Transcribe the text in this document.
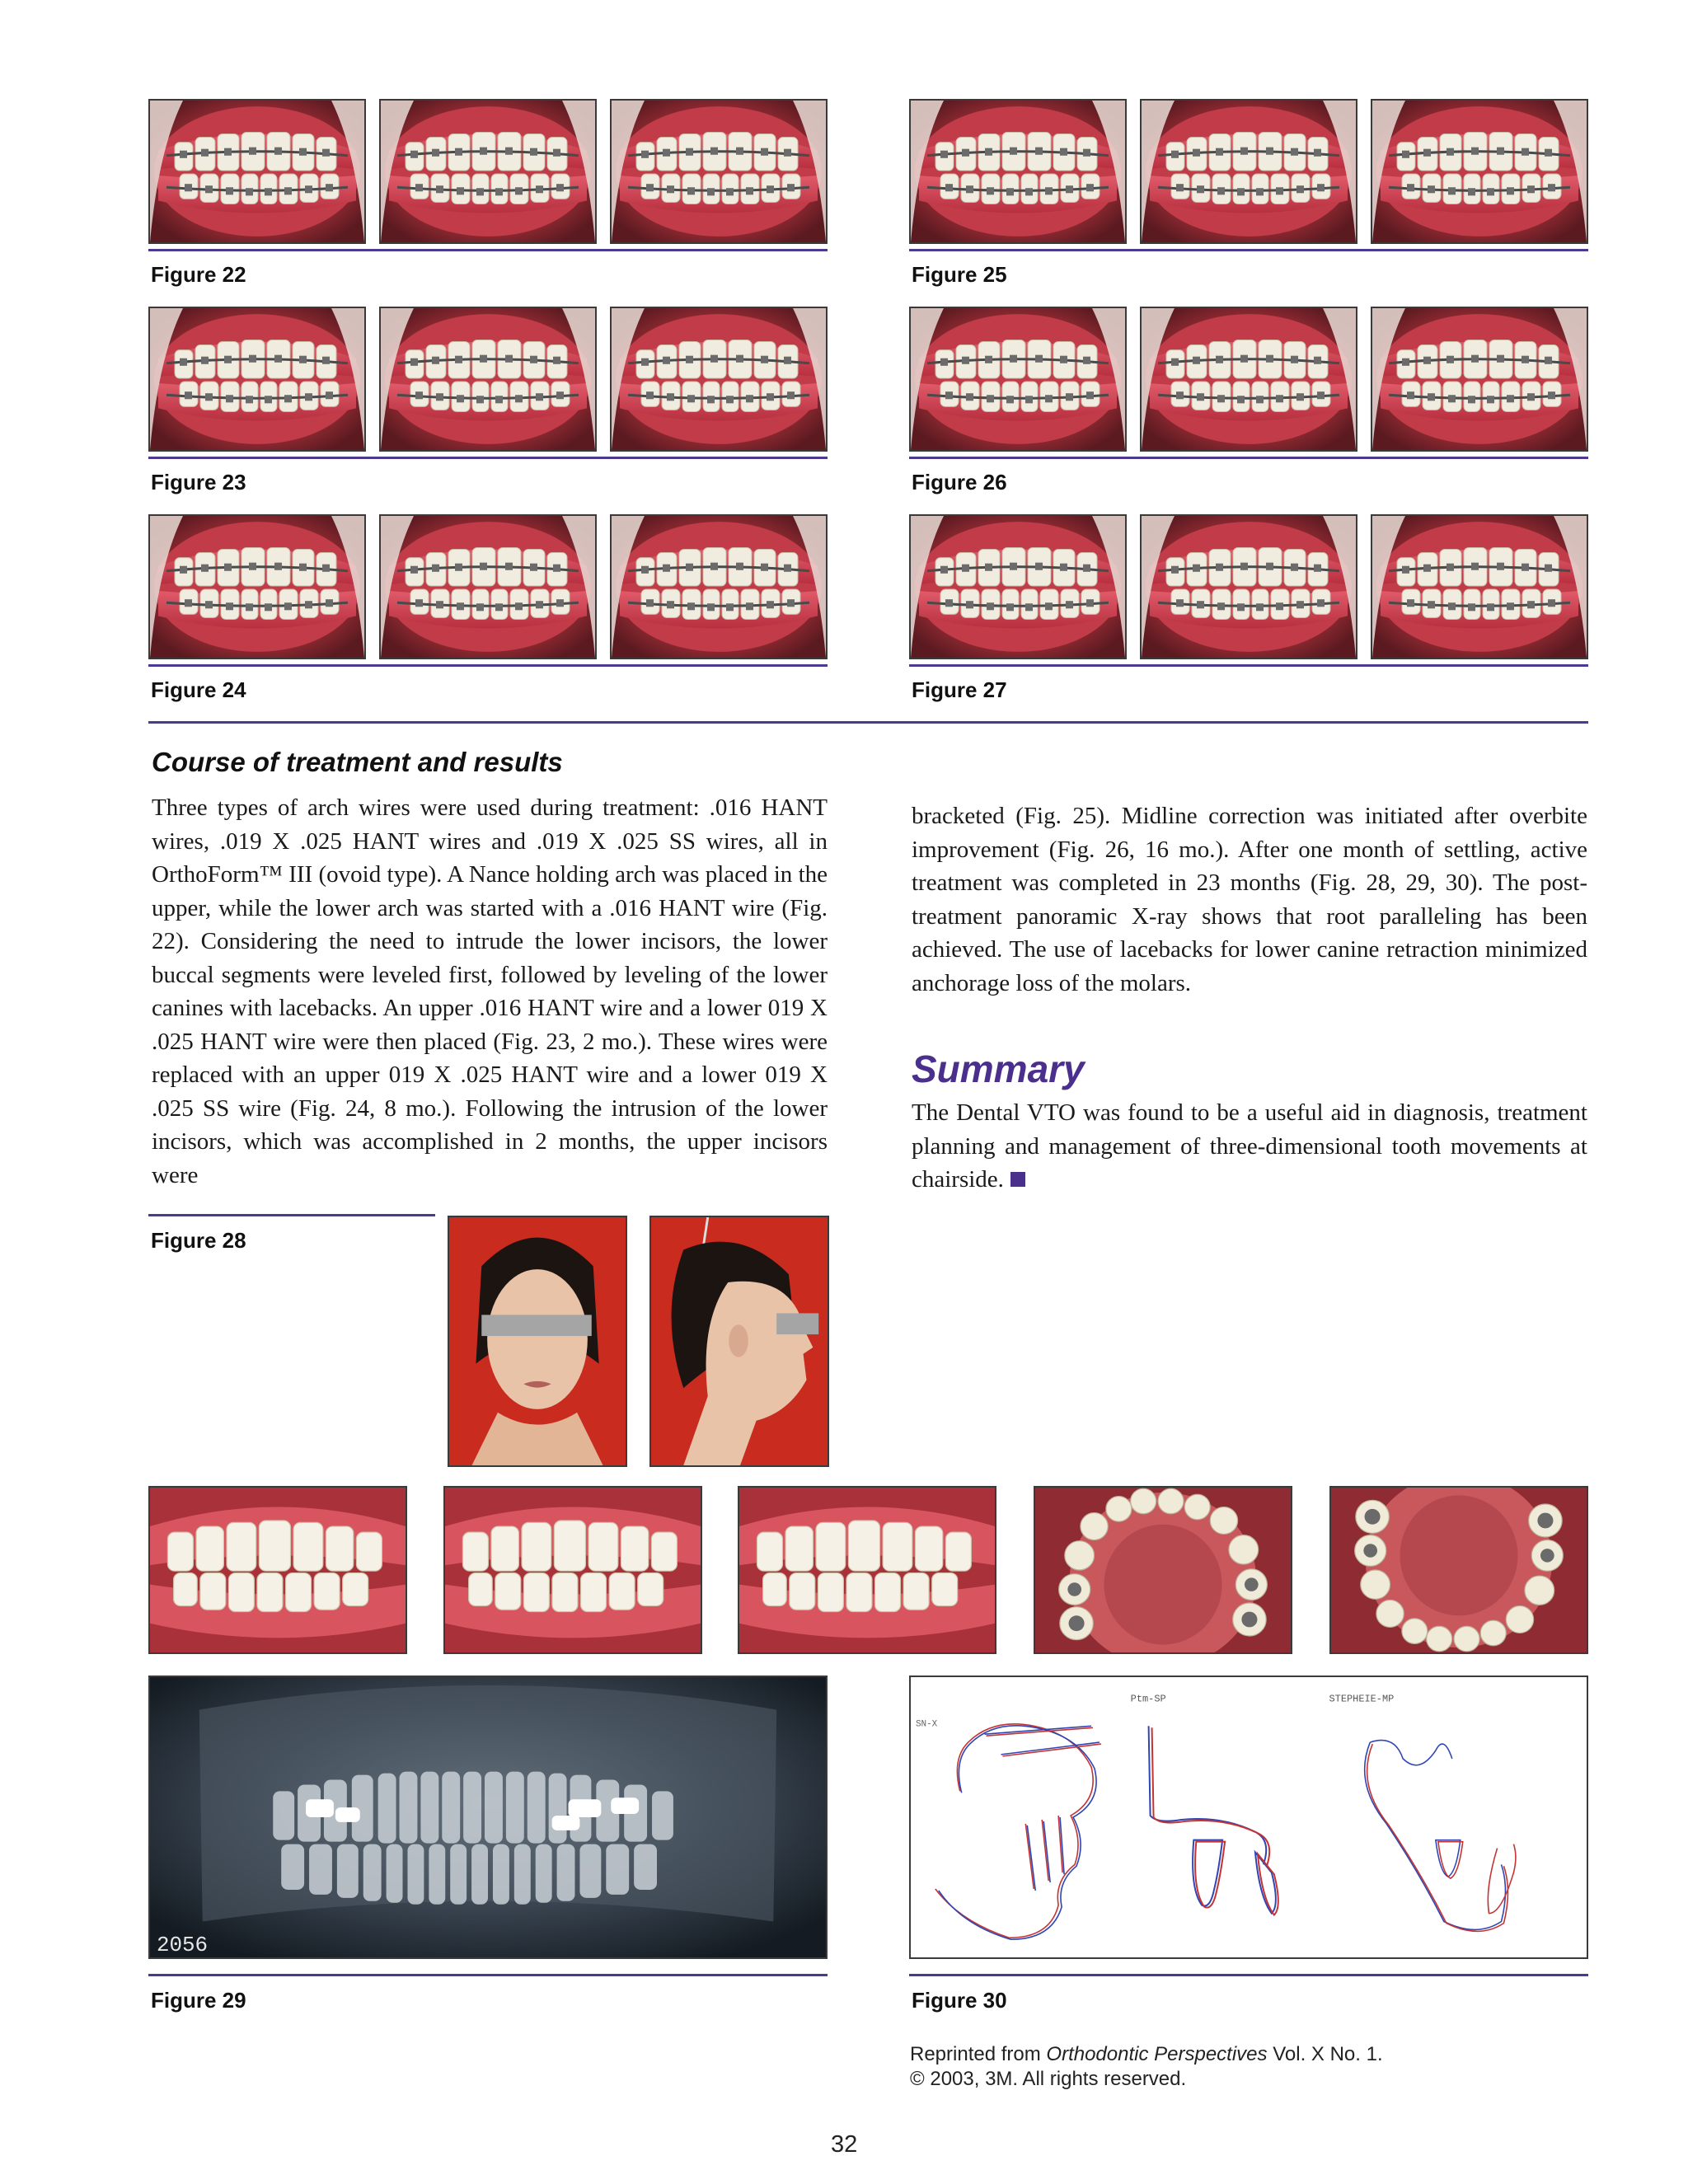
Figure 22	Figure 25
Figure 23	Figure 26
Figure 24	Figure 27
Course of treatment and results
Three types of arch wires were used during treatment: .016 HANT wires, .019 X .025 HANT wires and .019 X .025 SS wires, all in OrthoForm™ III (ovoid type). A Nance holding arch was placed in the upper, while the lower arch was started with a .016 HANT wire (Fig. 22). Considering the need to intrude the lower incisors, the lower buccal segments were leveled first, followed by leveling of the lower canines with lacebacks. An upper .016 HANT wire and a lower 019 X .025 HANT wire were then placed (Fig. 23, 2 mo.). These wires were replaced with an upper 019 X .025 HANT wire and a lower 019 X .025 SS wire (Fig. 24, 8 mo.). Following the intrusion of the lower incisors, which was accomplished in 2 months, the upper incisors were
bracketed (Fig. 25). Midline correction was initiated after overbite improvement (Fig. 26, 16 mo.). After one month of settling, active treatment was completed in 23 months (Fig. 28, 29, 30). The post-treatment panoramic X-ray shows that root paralleling has been achieved. The use of lacebacks for lower canine retraction minimized anchorage loss of the molars.
Summary
The Dental VTO was found to be a useful aid in diagnosis, treatment planning and management of three-dimensional tooth movements at chairside.
Figure 28
2056
Figure 29
SN-X
Ptm-SP	STEPHEIE-MP
Figure 30
Reprinted from Orthodontic Perspectives Vol. X No. 1.
© 2003, 3M. All rights reserved.
32
